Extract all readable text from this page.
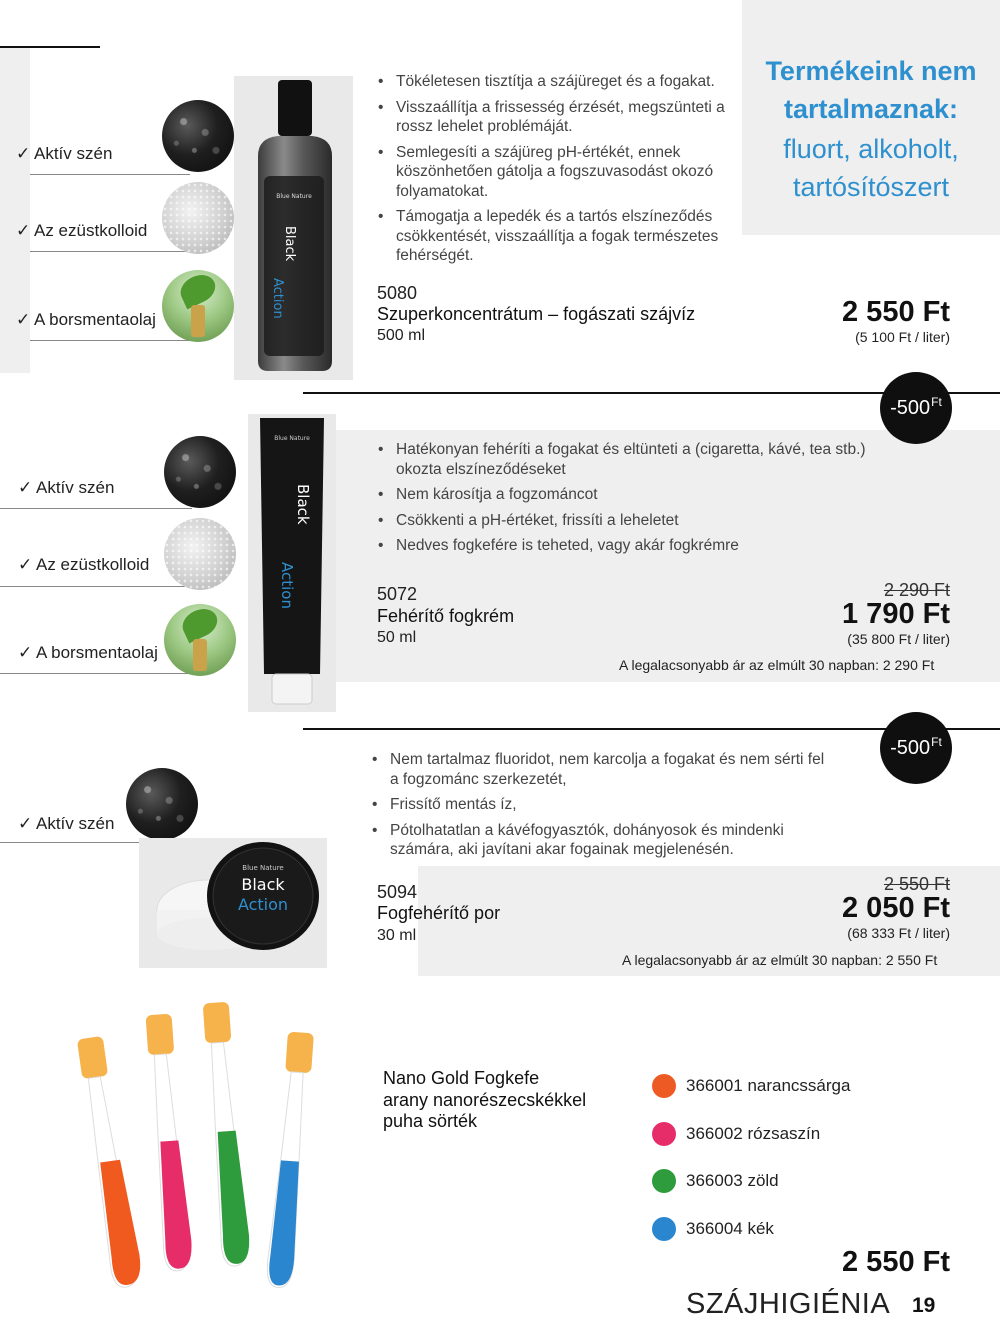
Termékeink nem tartalmaznak:
fluort, alkoholt, tartósítószert
✓ Aktív szén
✓ Az ezüstkolloid
✓ A borsmentaolaj
Blue Nature
Black
Action
• Tökéletesen tisztítja a szájüreget és a fogakat.
• Visszaállítja a frissesség érzését, megszünteti a rossz lehelet problémáját.
• Semlegesíti a szájüreg pH-értékét, ennek köszönhetően gátolja a fogszuvasodást okozó folyamatokat.
• Támogatja a lepedék és a tartós elszíneződés csökkentését, visszaállítja a fogak természetes fehérségét.
5080
Szuperkoncentrátum – fogászati szájvíz
500 ml
2 550 Ft
(5 100 Ft / liter)
$-500^{Ft}$
✓ Aktív szén
✓ Az ezüstkolloid
✓ A borsmentaolaj
Blue Nature
Black
Action
• Hatékonyan fehéríti a fogakat és eltünteti a (cigaretta, kávé, tea stb.) okozta elszíneződéseket
• Nem károsítja a fogzománcot
• Csökkenti a pH-értéket, frissíti a leheletet
• Nedves fogkefére is teheted, vagy akár fogkrémre
5072
Fehérítő fogkrém
50 ml
2 290 Ft
1 790 Ft
(35 800 Ft / liter)
A legalacsonyabb ár az elmúlt 30 napban: 2 290 Ft
$-500^{Ft}$
✓ Aktív szén
Blue Nature
Black
Action
• Nem tartalmaz fluoridot, nem karcolja a fogakat és nem sérti fel a fogzománc szerkezetét,
• Frissítő mentás íz,
• Pótolhatatlan a kávéfogyasztók, dohányosok és mindenki számára, aki javítani akar fogainak megjelenésén.
5094
Fogfehérítő por
30 ml
2 550 Ft
2 050 Ft
(68 333 Ft / liter)
A legalacsonyabb ár az elmúlt 30 napban: 2 550 Ft
Nano Gold Fogkefe
arany nanorészecskékkel
puha sörték
366001 narancssárga
366002 rózsaszín
366003 zöld
366004 kék
2 550 Ft
SZÁJHIGIÉNIA 19
